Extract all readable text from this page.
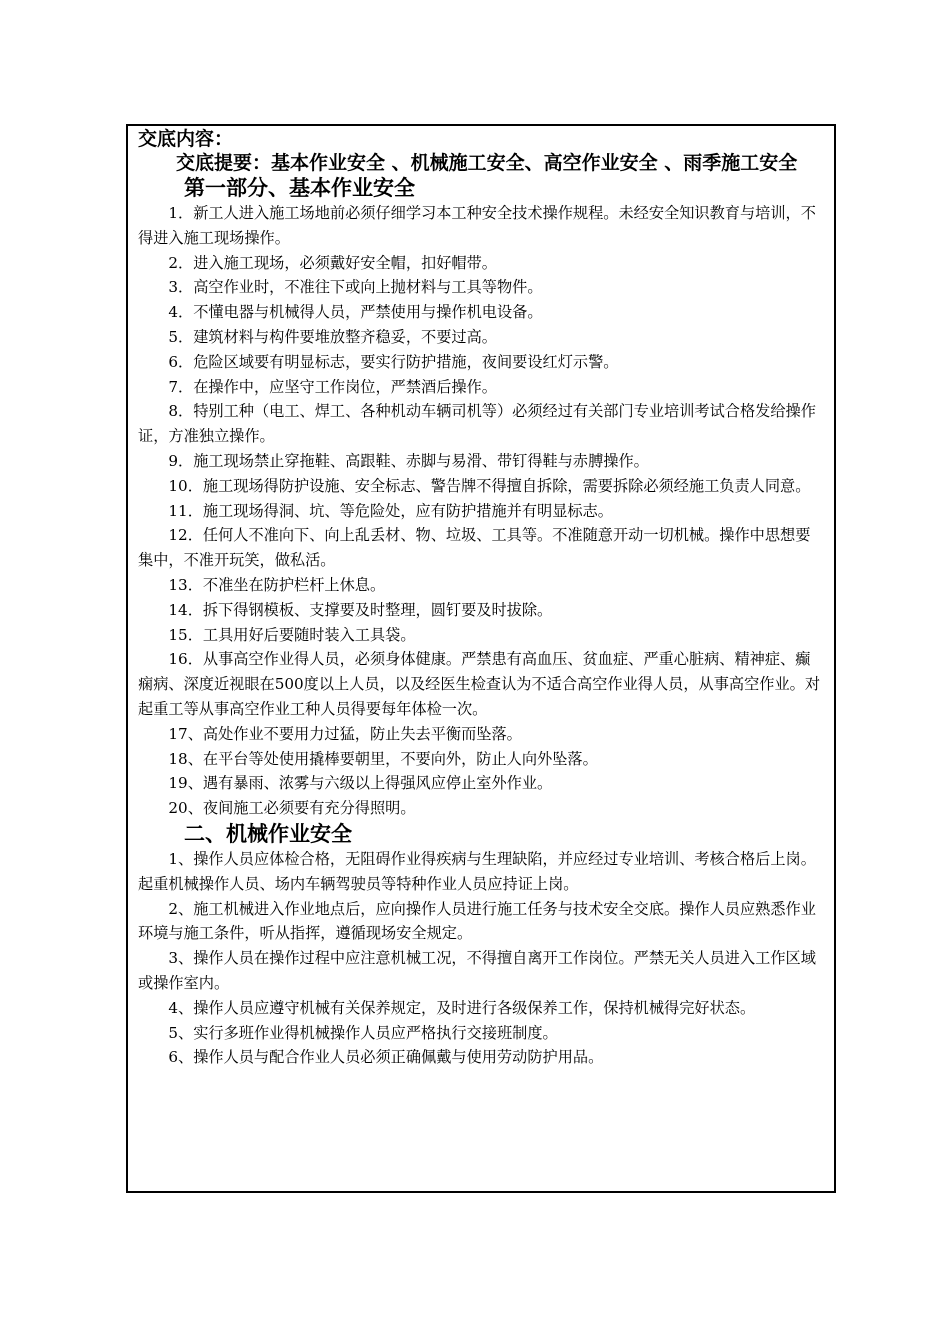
交底内容：

交底提要：基本作业安全 、机械施工安全、高空作业安全 、雨季施工安全

第一部分、基本作业安全

1．新工人进入施工场地前必须仔细学习本工种安全技术操作规程。未经安全知识教育与培训，不得进入施工现场操作。

2．进入施工现场，必须戴好安全帽，扣好帽带。

3．高空作业时，不准往下或向上抛材料与工具等物件。

4．不懂电器与机械得人员，严禁使用与操作机电设备。

5．建筑材料与构件要堆放整齐稳妥，不要过高。

6．危险区域要有明显标志，要实行防护措施，夜间要设红灯示警。

7．在操作中，应坚守工作岗位，严禁酒后操作。

8．特别工种（电工、焊工、各种机动车辆司机等）必须经过有关部门专业培训考试合格发给操作证，方准独立操作。

9．施工现场禁止穿拖鞋、高跟鞋、赤脚与易滑、带钉得鞋与赤膊操作。

10．施工现场得防护设施、安全标志、警告牌不得擅自拆除，需要拆除必须经施工负责人同意。

11．施工现场得洞、坑、等危险处，应有防护措施并有明显标志。

12．任何人不准向下、向上乱丢材、物、垃圾、工具等。不准随意开动一切机械。操作中思想要集中，不准开玩笑，做私活。

13．不准坐在防护栏杆上休息。

14．拆下得钢模板、支撑要及时整理，圆钉要及时拔除。

15．工具用好后要随时装入工具袋。

16．从事高空作业得人员，必须身体健康。严禁患有高血压、贫血症、严重心脏病、精神症、癫痫病、深度近视眼在500度以上人员，以及经医生检查认为不适合高空作业得人员，从事高空作业。对起重工等从事高空作业工种人员得要每年体检一次。

17、高处作业不要用力过猛，防止失去平衡而坠落。

18、在平台等处使用撬棒要朝里，不要向外，防止人向外坠落。

19、遇有暴雨、浓雾与六级以上得强风应停止室外作业。

20、夜间施工必须要有充分得照明。

二、机械作业安全

1、操作人员应体检合格，无阻碍作业得疾病与生理缺陷，并应经过专业培训、考核合格后上岗。起重机械操作人员、场内车辆驾驶员等特种作业人员应持证上岗。

2、施工机械进入作业地点后，应向操作人员进行施工任务与技术安全交底。操作人员应熟悉作业环境与施工条件，听从指挥，遵循现场安全规定。

3、操作人员在操作过程中应注意机械工况，不得擅自离开工作岗位。严禁无关人员进入工作区域或操作室内。

4、操作人员应遵守机械有关保养规定，及时进行各级保养工作，保持机械得完好状态。

5、实行多班作业得机械操作人员应严格执行交接班制度。

6、操作人员与配合作业人员必须正确佩戴与使用劳动防护用品。
